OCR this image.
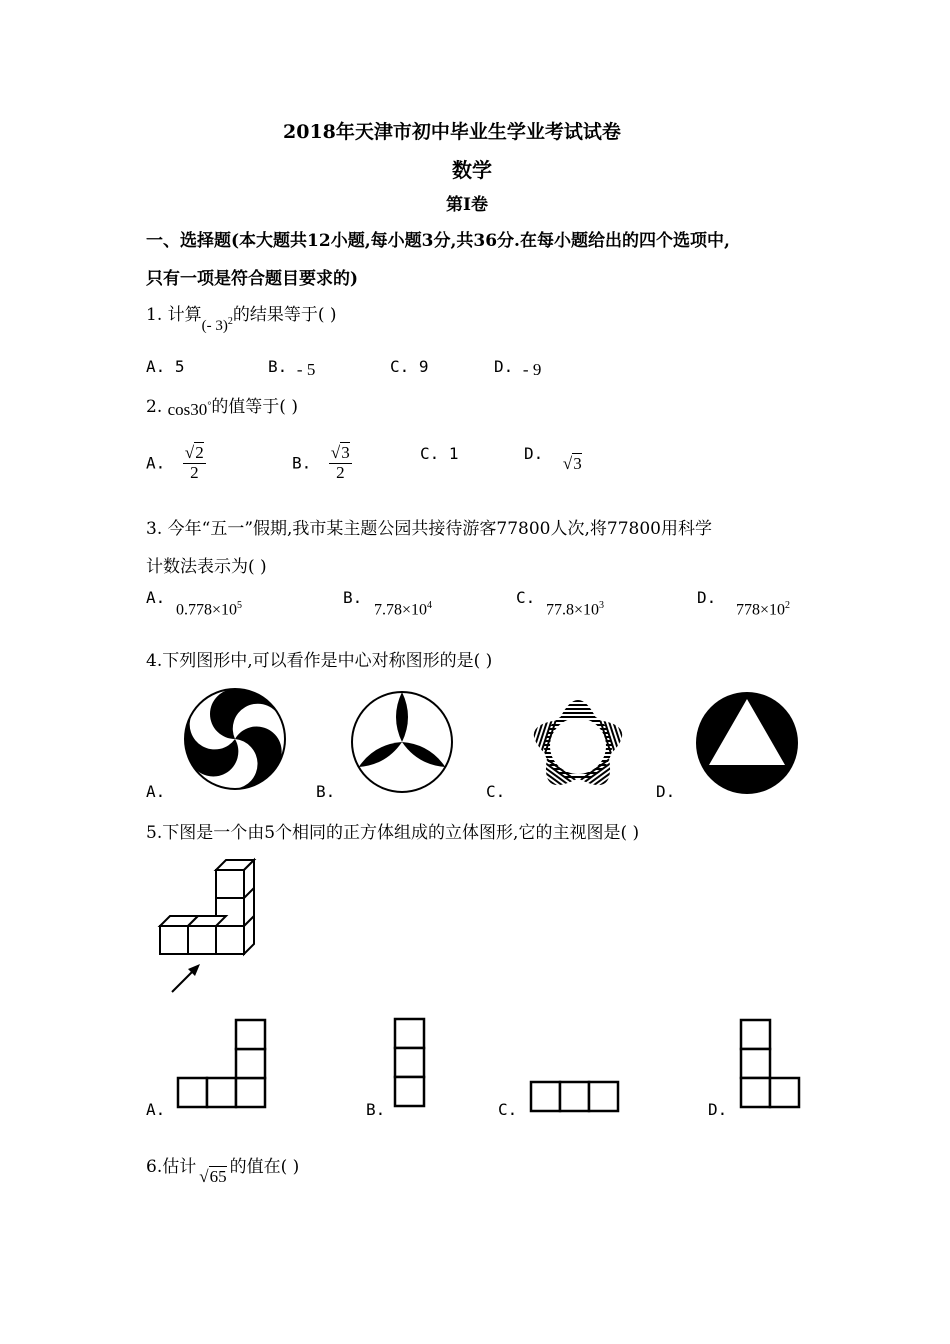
2018年天津市初中毕业生学业考试试卷
数学
第Ⅰ卷
一、选择题(本大题共12小题,每小题3分,共36分.在每小题给出的四个选项中,
只有一项是符合题目要求的)
1. 计算(- 3)$^2$的结果等于( )
A. 5	B. - 5	C. 9	D. - 9
2. cos30°的值等于( )
A. $\frac{√2}{2}$	B. $\frac{√3}{2}$	C. 1	D. √3
3. 今年“五一”假期,我市某主题公园共接待游客77800人次,将77800用科学
计数法表示为( )
A.
$0.778\times 10^5$	B.
$7.78\times 10^4$	C.
$77.8\times 10^3$	D.
$778\times 10^2$
4.下列图形中,可以看作是中心对称图形的是( )
A.	B.	C.	D.
5.下图是一个由5个相同的正方体组成的立体图形,它的主视图是( )
A.	B.	C.	D.
6.估计 √65 的值在( )
